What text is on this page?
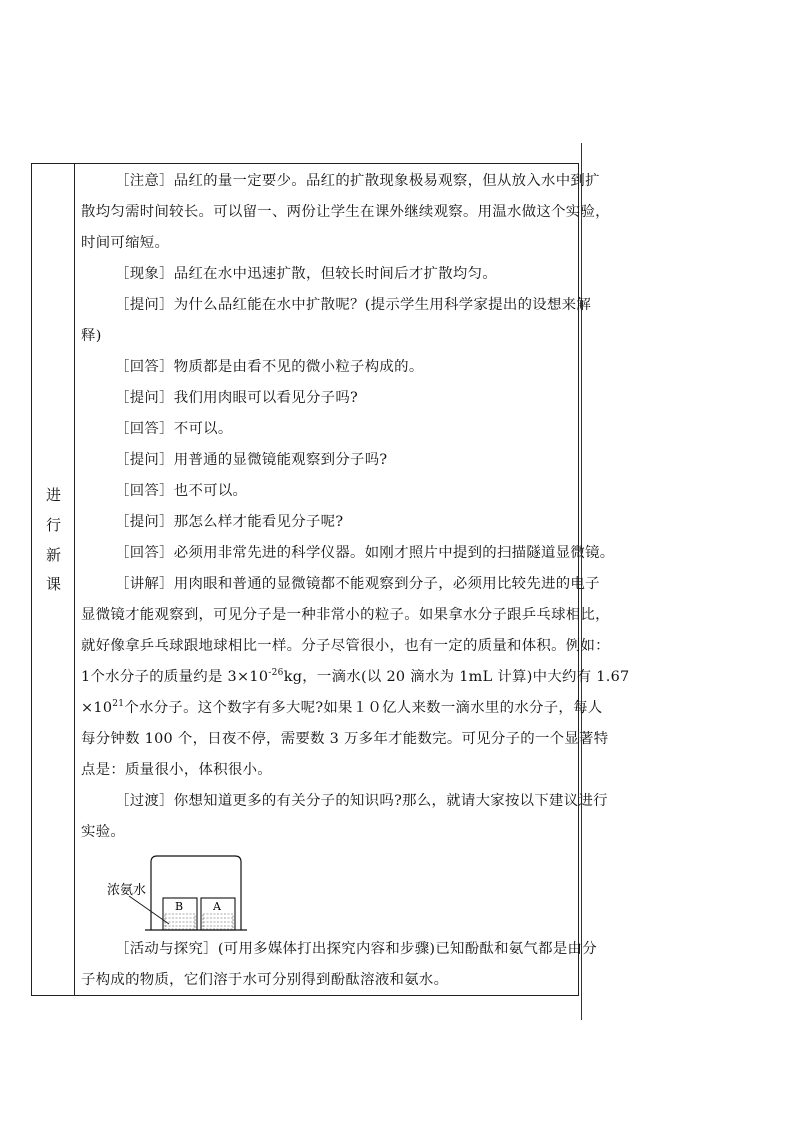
进
行
新
课
［注意］品红的量一定要少。品红的扩散现象极易观察，但从放入水中到扩
散均匀需时间较长。可以留一、两份让学生在课外继续观察。用温水做这个实验，
时间可缩短。
［现象］品红在水中迅速扩散，但较长时间后才扩散均匀。
［提问］为什么品红能在水中扩散呢？(提示学生用科学家提出的设想来解
释)
［回答］物质都是由看不见的微小粒子构成的。
［提问］我们用肉眼可以看见分子吗?
［回答］不可以。
［提问］用普通的显微镜能观察到分子吗?
［回答］也不可以。
［提问］那怎么样才能看见分子呢?
［回答］必须用非常先进的科学仪器。如刚才照片中提到的扫描隧道显微镜。
［讲解］用肉眼和普通的显微镜都不能观察到分子，必须用比较先进的电子
显微镜才能观察到，可见分子是一种非常小的粒子。如果拿水分子跟乒乓球相比，
就好像拿乒乓球跟地球相比一样。分子尽管很小，也有一定的质量和体积。例如：
1个水分子的质量约是 $3\times 10^{-26}kg$，一滴水(以 20 滴水为 1mL 计算)中大约有 1.67
$\times 10^{21}$个水分子。这个数字有多大呢?如果１０亿人来数一滴水里的水分子，每人
每分钟数 100 个，日夜不停，需要数 3 万多年才能数完。可见分子的一个显著特
点是：质量很小，体积很小。
［过渡］你想知道更多的有关分子的知识吗?那么，就请大家按以下建议进行
实验。
浓氨水
B	A
［活动与探究］(可用多媒体打出探究内容和步骤)已知酚酞和氨气都是由分
子构成的物质，它们溶于水可分别得到酚酞溶液和氨水。
